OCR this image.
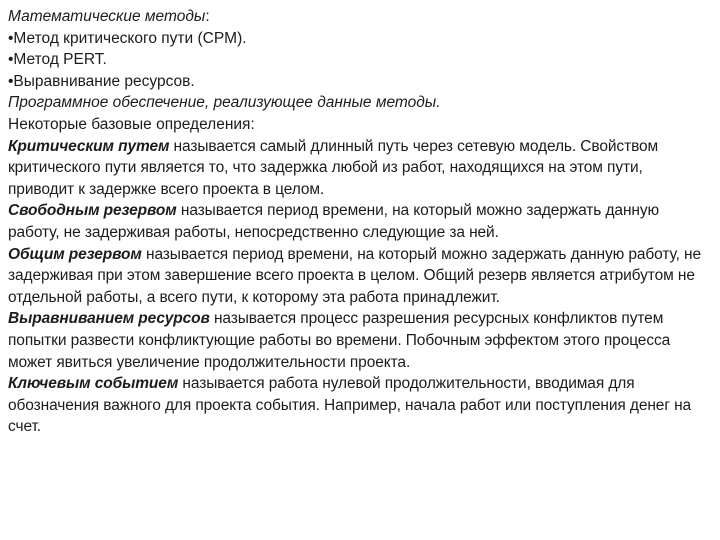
Математические методы:

•Метод критического пути (CPM).

•Метод PERT.

•Выравнивание ресурсов.

Программное обеспечение, реализующее данные методы.

Некоторые базовые определения:

Критическим путем называется самый длинный путь через сетевую модель. Свойством критического пути является то, что задержка любой из работ, находящихся на этом пути, приводит к задержке всего проекта в целом.

Свободным резервом называется период времени, на который можно задержать данную работу, не задерживая работы, непосредственно следующие за ней.

Общим резервом называется период времени, на который можно задержать данную работу, не задерживая при этом завершение всего проекта в целом. Общий резерв является атрибутом не отдельной работы, а всего пути, к которому эта работа принадлежит.

Выравниванием ресурсов называется процесс разрешения ресурсных конфликтов путем попытки развести конфликтующие работы во времени. Побочным эффектом этого процесса может явиться увеличение продолжительности проекта.

Ключевым событием называется работа нулевой продолжительности, вводимая для обозначения важного для проекта события. Например, начала работ или поступления денег на счет.
